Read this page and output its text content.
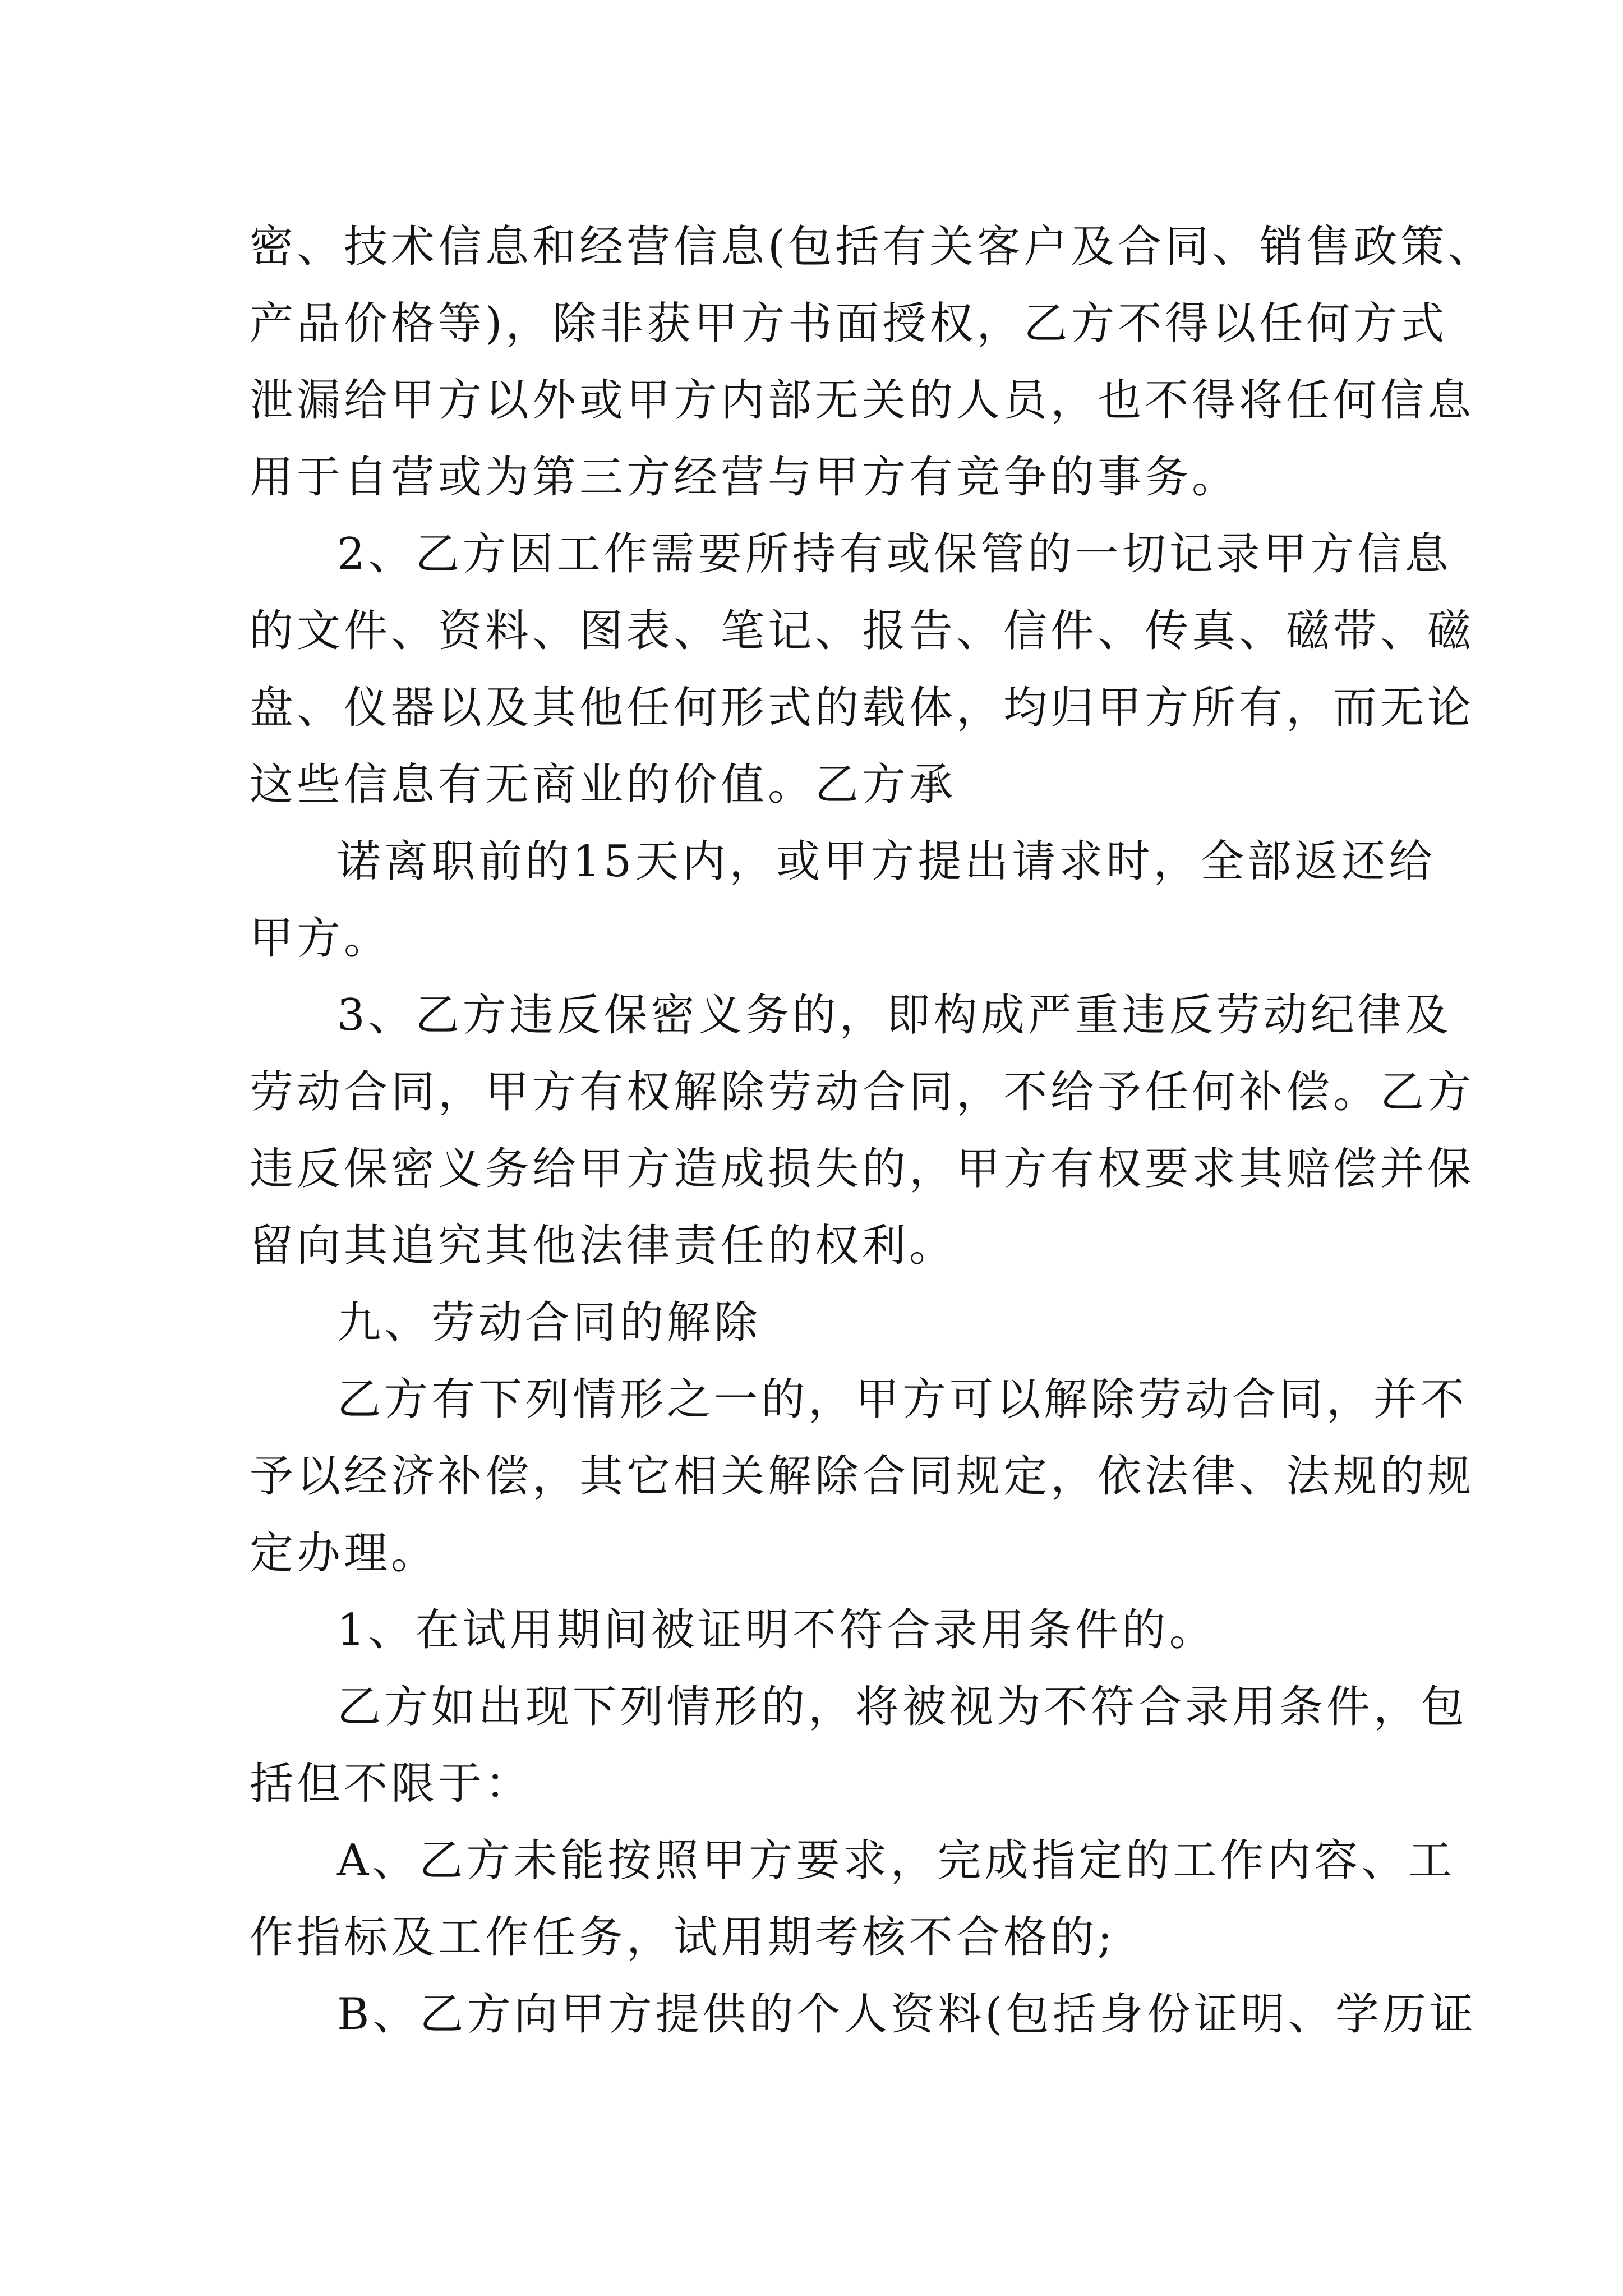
密、技术信息和经营信息(包括有关客户及合同、销售政策、
产品价格等)，除非获甲方书面授权，乙方不得以任何方式
泄漏给甲方以外或甲方内部无关的人员，也不得将任何信息
用于自营或为第三方经营与甲方有竞争的事务。
2、乙方因工作需要所持有或保管的一切记录甲方信息
的文件、资料、图表、笔记、报告、信件、传真、磁带、磁
盘、仪器以及其他任何形式的载体，均归甲方所有，而无论
这些信息有无商业的价值。乙方承
诺离职前的15天内，或甲方提出请求时，全部返还给
甲方。
3、乙方违反保密义务的，即构成严重违反劳动纪律及
劳动合同，甲方有权解除劳动合同，不给予任何补偿。乙方
违反保密义务给甲方造成损失的，甲方有权要求其赔偿并保
留向其追究其他法律责任的权利。
九、劳动合同的解除
乙方有下列情形之一的，甲方可以解除劳动合同，并不
予以经济补偿，其它相关解除合同规定，依法律、法规的规
定办理。
1、在试用期间被证明不符合录用条件的。
乙方如出现下列情形的，将被视为不符合录用条件，包
括但不限于：
A、乙方未能按照甲方要求，完成指定的工作内容、工
作指标及工作任务，试用期考核不合格的;
B、乙方向甲方提供的个人资料(包括身份证明、学历证
